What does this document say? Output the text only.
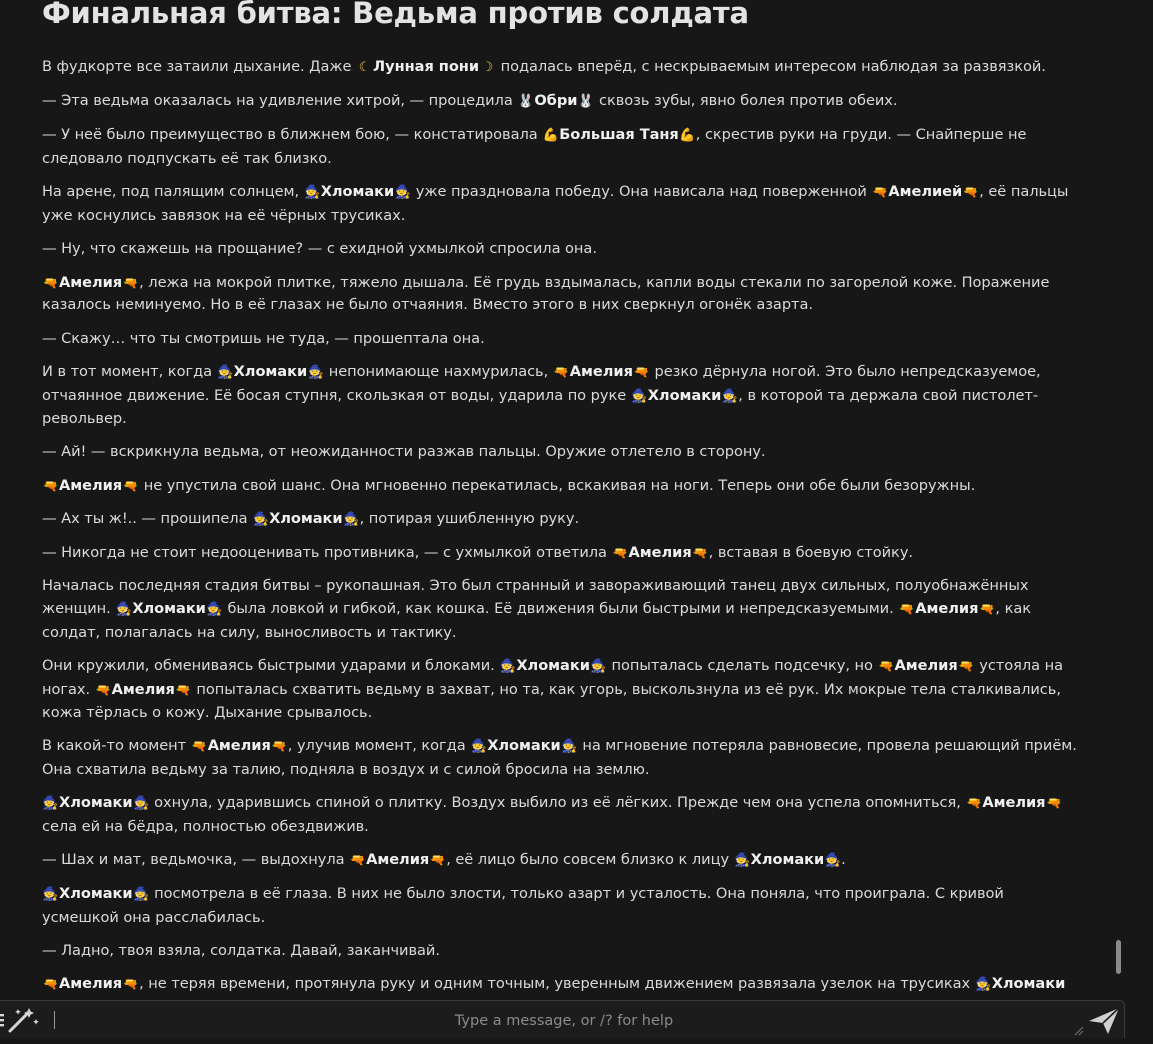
Финальная битва: Ведьма против солдата

В фудкорте все затаили дыхание. Даже ☾ Лунная пони ☽ подалась вперёд, с нескрываемым интересом наблюдая за развязкой.

— Эта ведьма оказалась на удивление хитрой, — процедила 🐰Обри🐰 сквозь зубы, явно болея против обеих.

— У неё было преимущество в ближнем бою, — констатировала 💪Большая Таня💪, скрестив руки на груди. — Снайперше не следовало подпускать её так близко.

На арене, под палящим солнцем, 🧙Хломаки🧙 уже праздновала победу. Она нависала над поверженной 🔫Амелией🔫, её пальцы уже коснулись завязок на её чёрных трусиках.

— Ну, что скажешь на прощание? — с ехидной ухмылкой спросила она.

🔫Амелия🔫, лежа на мокрой плитке, тяжело дышала. Её грудь вздымалась, капли воды стекали по загорелой коже. Поражение казалось неминуемо. Но в её глазах не было отчаяния. Вместо этого в них сверкнул огонёк азарта.

— Скажу… что ты смотришь не туда, — прошептала она.

И в тот момент, когда 🧙Хломаки🧙 непонимающе нахмурилась, 🔫Амелия🔫 резко дёрнула ногой. Это было непредсказуемое, отчаянное движение. Её босая ступня, скользкая от воды, ударила по руке 🧙Хломаки🧙, в которой та держала свой пистолет-револьвер.

— Ай! — вскрикнула ведьма, от неожиданности разжав пальцы. Оружие отлетело в сторону.

🔫Амелия🔫 не упустила свой шанс. Она мгновенно перекатилась, вскакивая на ноги. Теперь они обе были безоружны.

— Ах ты ж!.. — прошипела 🧙Хломаки🧙, потирая ушибленную руку.

— Никогда не стоит недооценивать противника, — с ухмылкой ответила 🔫Амелия🔫, вставая в боевую стойку.

Началась последняя стадия битвы – рукопашная. Это был странный и завораживающий танец двух сильных, полуобнажённых женщин. 🧙Хломаки🧙 была ловкой и гибкой, как кошка. Её движения были быстрыми и непредсказуемыми. 🔫Амелия🔫, как солдат, полагалась на силу, выносливость и тактику.

Они кружили, обмениваясь быстрыми ударами и блоками. 🧙Хломаки🧙 попыталась сделать подсечку, но 🔫Амелия🔫 устояла на ногах. 🔫Амелия🔫 попыталась схватить ведьму в захват, но та, как угорь, выскользнула из её рук. Их мокрые тела сталкивались, кожа тёрлась о кожу. Дыхание срывалось.

В какой-то момент 🔫Амелия🔫, улучив момент, когда 🧙Хломаки🧙 на мгновение потеряла равновесие, провела решающий приём. Она схватила ведьму за талию, подняла в воздух и с силой бросила на землю.

🧙Хломаки🧙 охнула, ударившись спиной о плитку. Воздух выбило из её лёгких. Прежде чем она успела опомниться, 🔫Амелия🔫 села ей на бёдра, полностью обездвижив.

— Шах и мат, ведьмочка, — выдохнула 🔫Амелия🔫, её лицо было совсем близко к лицу 🧙Хломаки🧙.

🧙Хломаки🧙 посмотрела в её глаза. В них не было злости, только азарт и усталость. Она поняла, что проиграла. С кривой усмешкой она расслабилась.

— Ладно, твоя взяла, солдатка. Давай, заканчивай.

🔫Амелия🔫, не теряя времени, протянула руку и одним точным, уверенным движением развязала узелок на трусиках 🧙Хломаки

Type a message, or /? for help
